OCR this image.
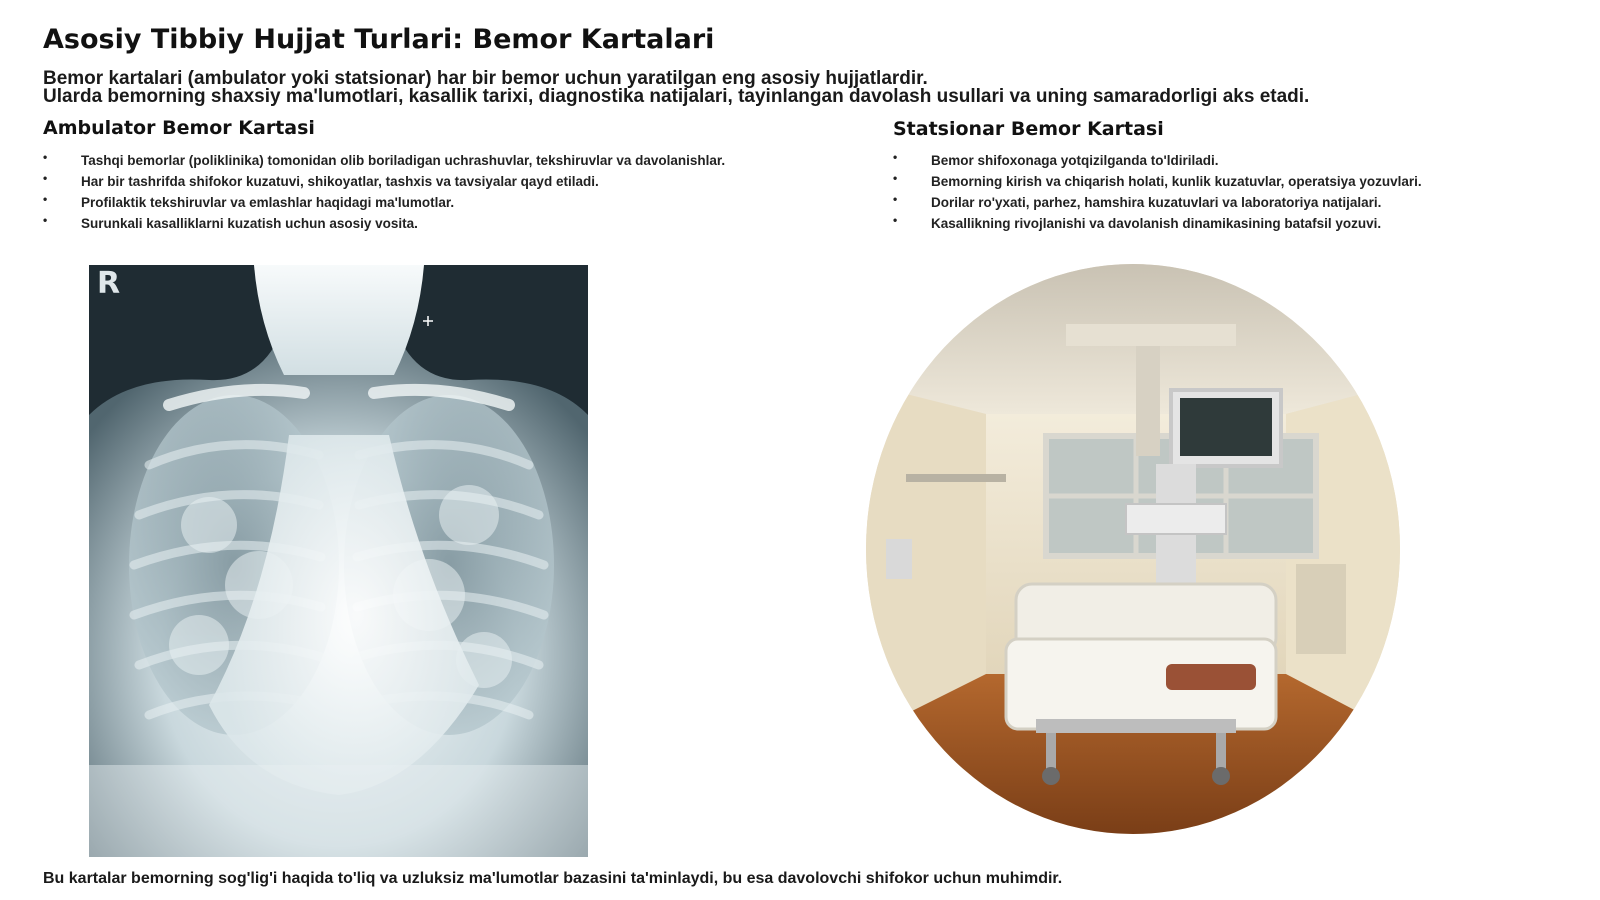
Asosiy Tibbiy Hujjat Turlari: Bemor Kartalari

Bemor kartalari (ambulator yoki statsionar) har bir bemor uchun yaratilgan eng asosiy hujjatlardir.
Ularda bemorning shaxsiy ma'lumotlari, kasallik tarixi, diagnostika natijalari, tayinlangan davolash usullari va uning samaradorligi aks etadi.

Ambulator Bemor Kartasi
•	Tashqi bemorlar (poliklinika) tomonidan olib boriladigan uchrashuvlar, tekshiruvlar va davolanishlar.
•	Har bir tashrifda shifokor kuzatuvi, shikoyatlar, tashxis va tavsiyalar qayd etiladi.
•	Profilaktik tekshiruvlar va emlashlar haqidagi ma'lumotlar.
•	Surunkali kasalliklarni kuzatish uchun asosiy vosita.
Statsionar Bemor Kartasi
•	Bemor shifoxonaga yotqizilganda to'ldiriladi.
•	Bemorning kirish va chiqarish holati, kunlik kuzatuvlar, operatsiya yozuvlari.
•	Dorilar ro'yxati, parhez, hamshira kuzatuvlari va laboratoriya natijalari.
•	Kasallikning rivojlanishi va davolanish dinamikasining batafsil yozuvi.
R

Bu kartalar bemorning sog'lig'i haqida to'liq va uzluksiz ma'lumotlar bazasini ta'minlaydi, bu esa davolovchi shifokor uchun muhimdir.
